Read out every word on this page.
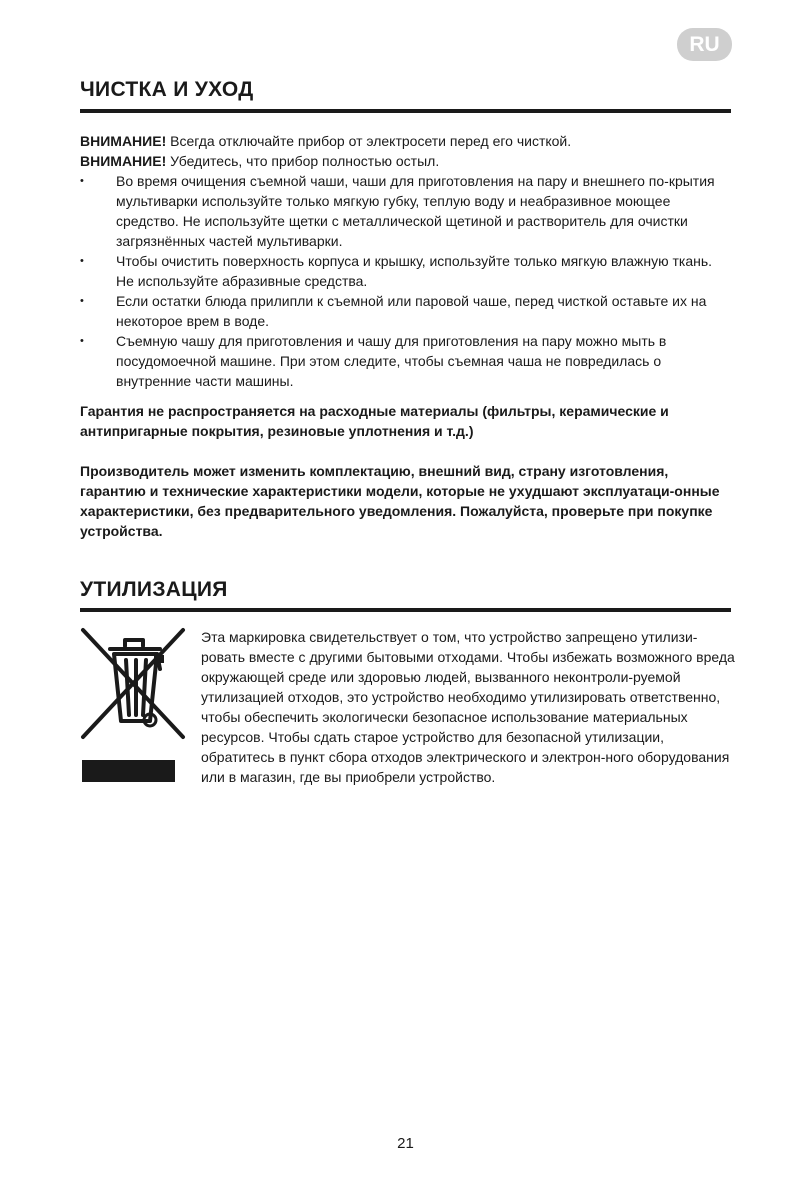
RU
ЧИСТКА И УХОД

ВНИМАНИЕ! Всегда отключайте прибор от электросети перед его чисткой.

ВНИМАНИЕ! Убедитесь, что прибор полностью остыл.

• Во время очищения съемной чаши, чаши для приготовления на пару и внешнего по-крытия мультиварки используйте только мягкую губку, теплую воду и неабразивное моющее средство. Не используйте щетки с металлической щетиной и растворитель для очистки загрязнённых частей мультиварки.
• Чтобы очистить поверхность корпуса и крышку, используйте только мягкую влажную ткань. Не используйте абразивные средства.
• Если остатки блюда прилипли к съемной или паровой чаше, перед чисткой оставьте их на некоторое врем в воде.
• Съемную чашу для приготовления и чашу для приготовления на пару можно мыть в посудомоечной машине. При этом следите, чтобы съемная чаша не повредилась о внутренние части машины.

Гарантия не распространяется на расходные материалы (фильтры, керамические и антипригарные покрытия, резиновые уплотнения и т.д.)

Производитель может изменить комплектацию, внешний вид, страну изготовления, гарантию и технические характеристики модели, которые не ухудшают эксплуатаци-онные характеристики, без предварительного уведомления. Пожалуйста, проверьте при покупке устройства.

УТИЛИЗАЦИЯ
Эта маркировка свидетельствует о том, что устройство запрещено утилизи-ровать вместе с другими бытовыми отходами. Чтобы избежать возможного вреда окружающей среде или здоровью людей, вызванного неконтроли-руемой утилизацией отходов, это устройство необходимо утилизировать ответственно, чтобы обеспечить экологически безопасное использование материальных ресурсов. Чтобы сдать старое устройство для безопасной утилизации, обратитесь в пункт сбора отходов электрического и электрон-ного оборудования или в магазин, где вы приобрели устройство.
21
